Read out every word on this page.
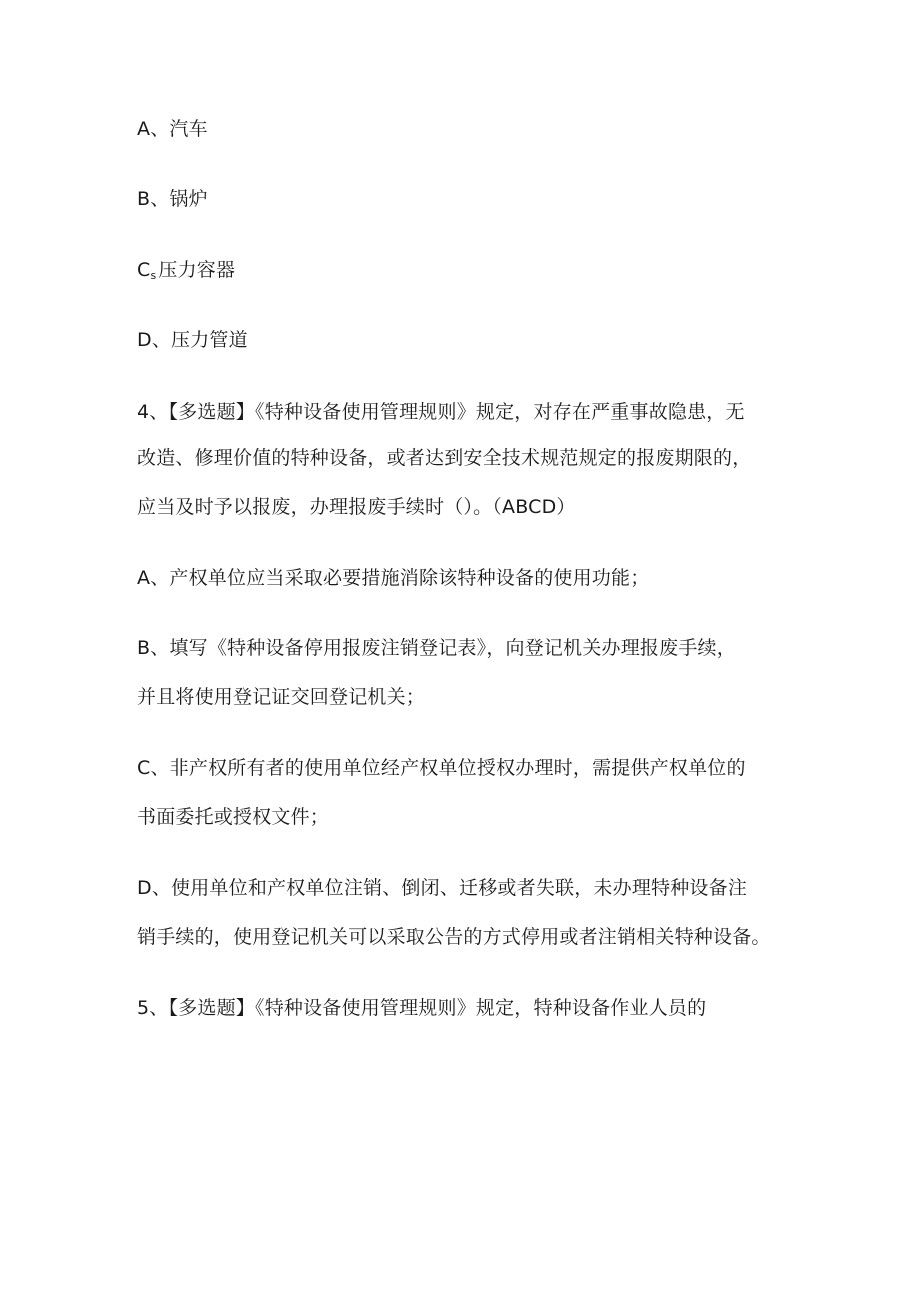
A、汽车
B、锅炉
$C_s$ 压力容器
D、压力管道
4、【多选题】《特种设备使用管理规则》规定，对存在严重事故隐患，无
改造、修理价值的特种设备，或者达到安全技术规范规定的报废期限的，
应当及时予以报废，办理报废手续时（）。（ABCD）
A、产权单位应当采取必要措施消除该特种设备的使用功能；
B、填写《特种设备停用报废注销登记表》，向登记机关办理报废手续，
并且将使用登记证交回登记机关；
C、非产权所有者的使用单位经产权单位授权办理时，需提供产权单位的
书面委托或授权文件；
D、使用单位和产权单位注销、倒闭、迁移或者失联，未办理特种设备注
销手续的，使用登记机关可以采取公告的方式停用或者注销相关特种设备。
5、【多选题】《特种设备使用管理规则》规定，特种设备作业人员的
